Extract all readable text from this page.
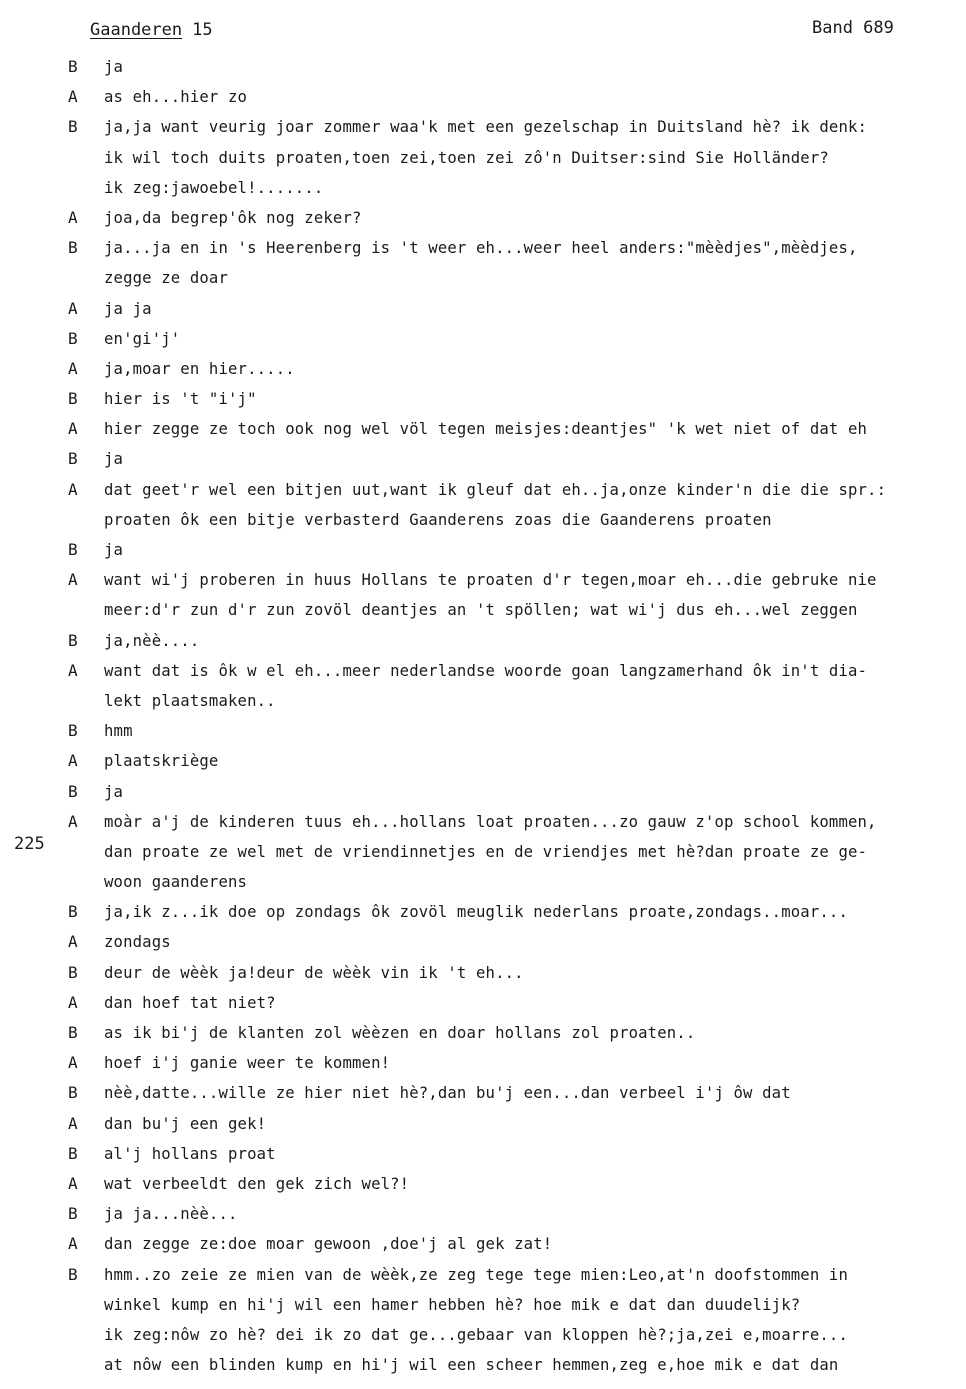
Gaanderen 15	Band 689
225
B ja
A as eh...hier zo
B ja,ja want veurig joar zommer waa'k met een gezelschap in Duitsland hè? ik denk:
ik wil toch duits proaten,toen zei,toen zei zô'n Duitser:sind Sie Holländer?
ik zeg:jawoebel!.......
A joa,da begrep'ôk nog zeker?
B ja...ja en in 's Heerenberg is 't weer eh...weer heel anders:"mèèdjes",mèèdjes,
zegge ze doar
A ja ja
B en'gi'j'
A ja,moar en hier.....
B hier is 't "i'j"
A hier zegge ze toch ook nog wel völ tegen meisjes:deantjes" 'k wet niet of dat eh
B ja
A dat geet'r wel een bitjen uut,want ik gleuf dat eh..ja,onze kinder'n die die spr.:
proaten ôk een bitje verbasterd Gaanderens zoas die Gaanderens proaten
B ja
A want wi'j proberen in huus Hollans te proaten d'r tegen,moar eh...die gebruke nie
meer:d'r zun d'r zun zovöl deantjes an 't spöllen; wat wi'j dus eh...wel zeggen
B ja,nèè....
A want dat is ôk w el eh...meer nederlandse woorde goan langzamerhand ôk in't dia-
lekt plaatsmaken..
B hmm
A plaatskriège
B ja
A moàr a'j de kinderen tuus eh...hollans loat proaten...zo gauw z'op school kommen,
dan proate ze wel met de vriendinnetjes en de vriendjes met hè?dan proate ze ge-
woon gaanderens
B ja,ik z...ik doe op zondags ôk zovöl meuglik nederlans proate,zondags..moar...
A zondags
B deur de wèèk ja!deur de wèèk vin ik 't eh...
A dan hoef tat niet?
B as ik bi'j de klanten zol wèèzen en doar hollans zol proaten..
A hoef i'j ganie weer te kommen!
B nèè,datte...wille ze hier niet hè?,dan bu'j een...dan verbeel i'j ôw dat
A dan bu'j een gek!
B al'j hollans proat
A wat verbeeldt den gek zich wel?!
B ja ja...nèè...
A dan zegge ze:doe moar gewoon ,doe'j al gek zat!
B hmm..zo zeie ze mien van de wèèk,ze zeg tege tege mien:Leo,at'n doofstommen in
winkel kump en hi'j wil een hamer hebben hè? hoe mik e dat dan duudelijk?
ik zeg:nôw zo hè? dei ik zo dat ge...gebaar van kloppen hè?;ja,zei e,moarre...
at nôw een blinden kump en hi'j wil een scheer hemmen,zeg e,hoe mik e dat dan
